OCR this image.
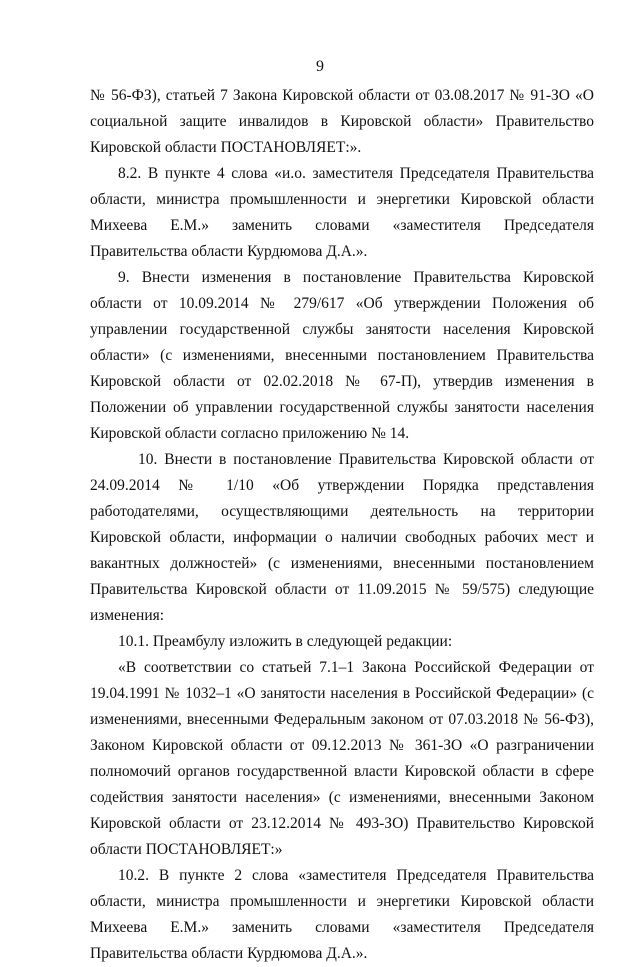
9

№ 56-ФЗ), статьей 7 Закона Кировской области от 03.08.2017 № 91-ЗО «О социальной защите инвалидов в Кировской области» Правительство Кировской области ПОСТАНОВЛЯЕТ:».

8.2. В пункте 4 слова «и.о. заместителя Председателя Правительства области, министра промышленности и энергетики Кировской области Михеева Е.М.» заменить словами «заместителя Председателя Правительства области Курдюмова Д.А.».

9. Внести изменения в постановление Правительства Кировской области от 10.09.2014 № 279/617 «Об утверждении Положения об управлении государственной службы занятости населения Кировской области» (с изменениями, внесенными постановлением Правительства Кировской области от 02.02.2018 № 67-П), утвердив изменения в Положении об управлении государственной службы занятости населения Кировской области согласно приложению № 14.

10. Внести в постановление Правительства Кировской области от 24.09.2014 № 1/10 «Об утверждении Порядка представления работодателями, осуществляющими деятельность на территории Кировской области, информации о наличии свободных рабочих мест и вакантных должностей» (с изменениями, внесенными постановлением Правительства Кировской области от 11.09.2015 № 59/575) следующие изменения:

10.1. Преамбулу изложить в следующей редакции:

«В соответствии со статьей 7.1–1 Закона Российской Федерации от 19.04.1991 № 1032–1 «О занятости населения в Российской Федерации» (с изменениями, внесенными Федеральным законом от 07.03.2018 № 56-ФЗ), Законом Кировской области от 09.12.2013 № 361-ЗО «О разграничении полномочий органов государственной власти Кировской области в сфере содействия занятости населения» (с изменениями, внесенными Законом Кировской области от 23.12.2014 № 493-ЗО) Правительство Кировской области ПОСТАНОВЛЯЕТ:»

10.2. В пункте 2 слова «заместителя Председателя Правительства области, министра промышленности и энергетики Кировской области Михеева Е.М.» заменить словами «заместителя Председателя Правительства области Курдюмова Д.А.».
